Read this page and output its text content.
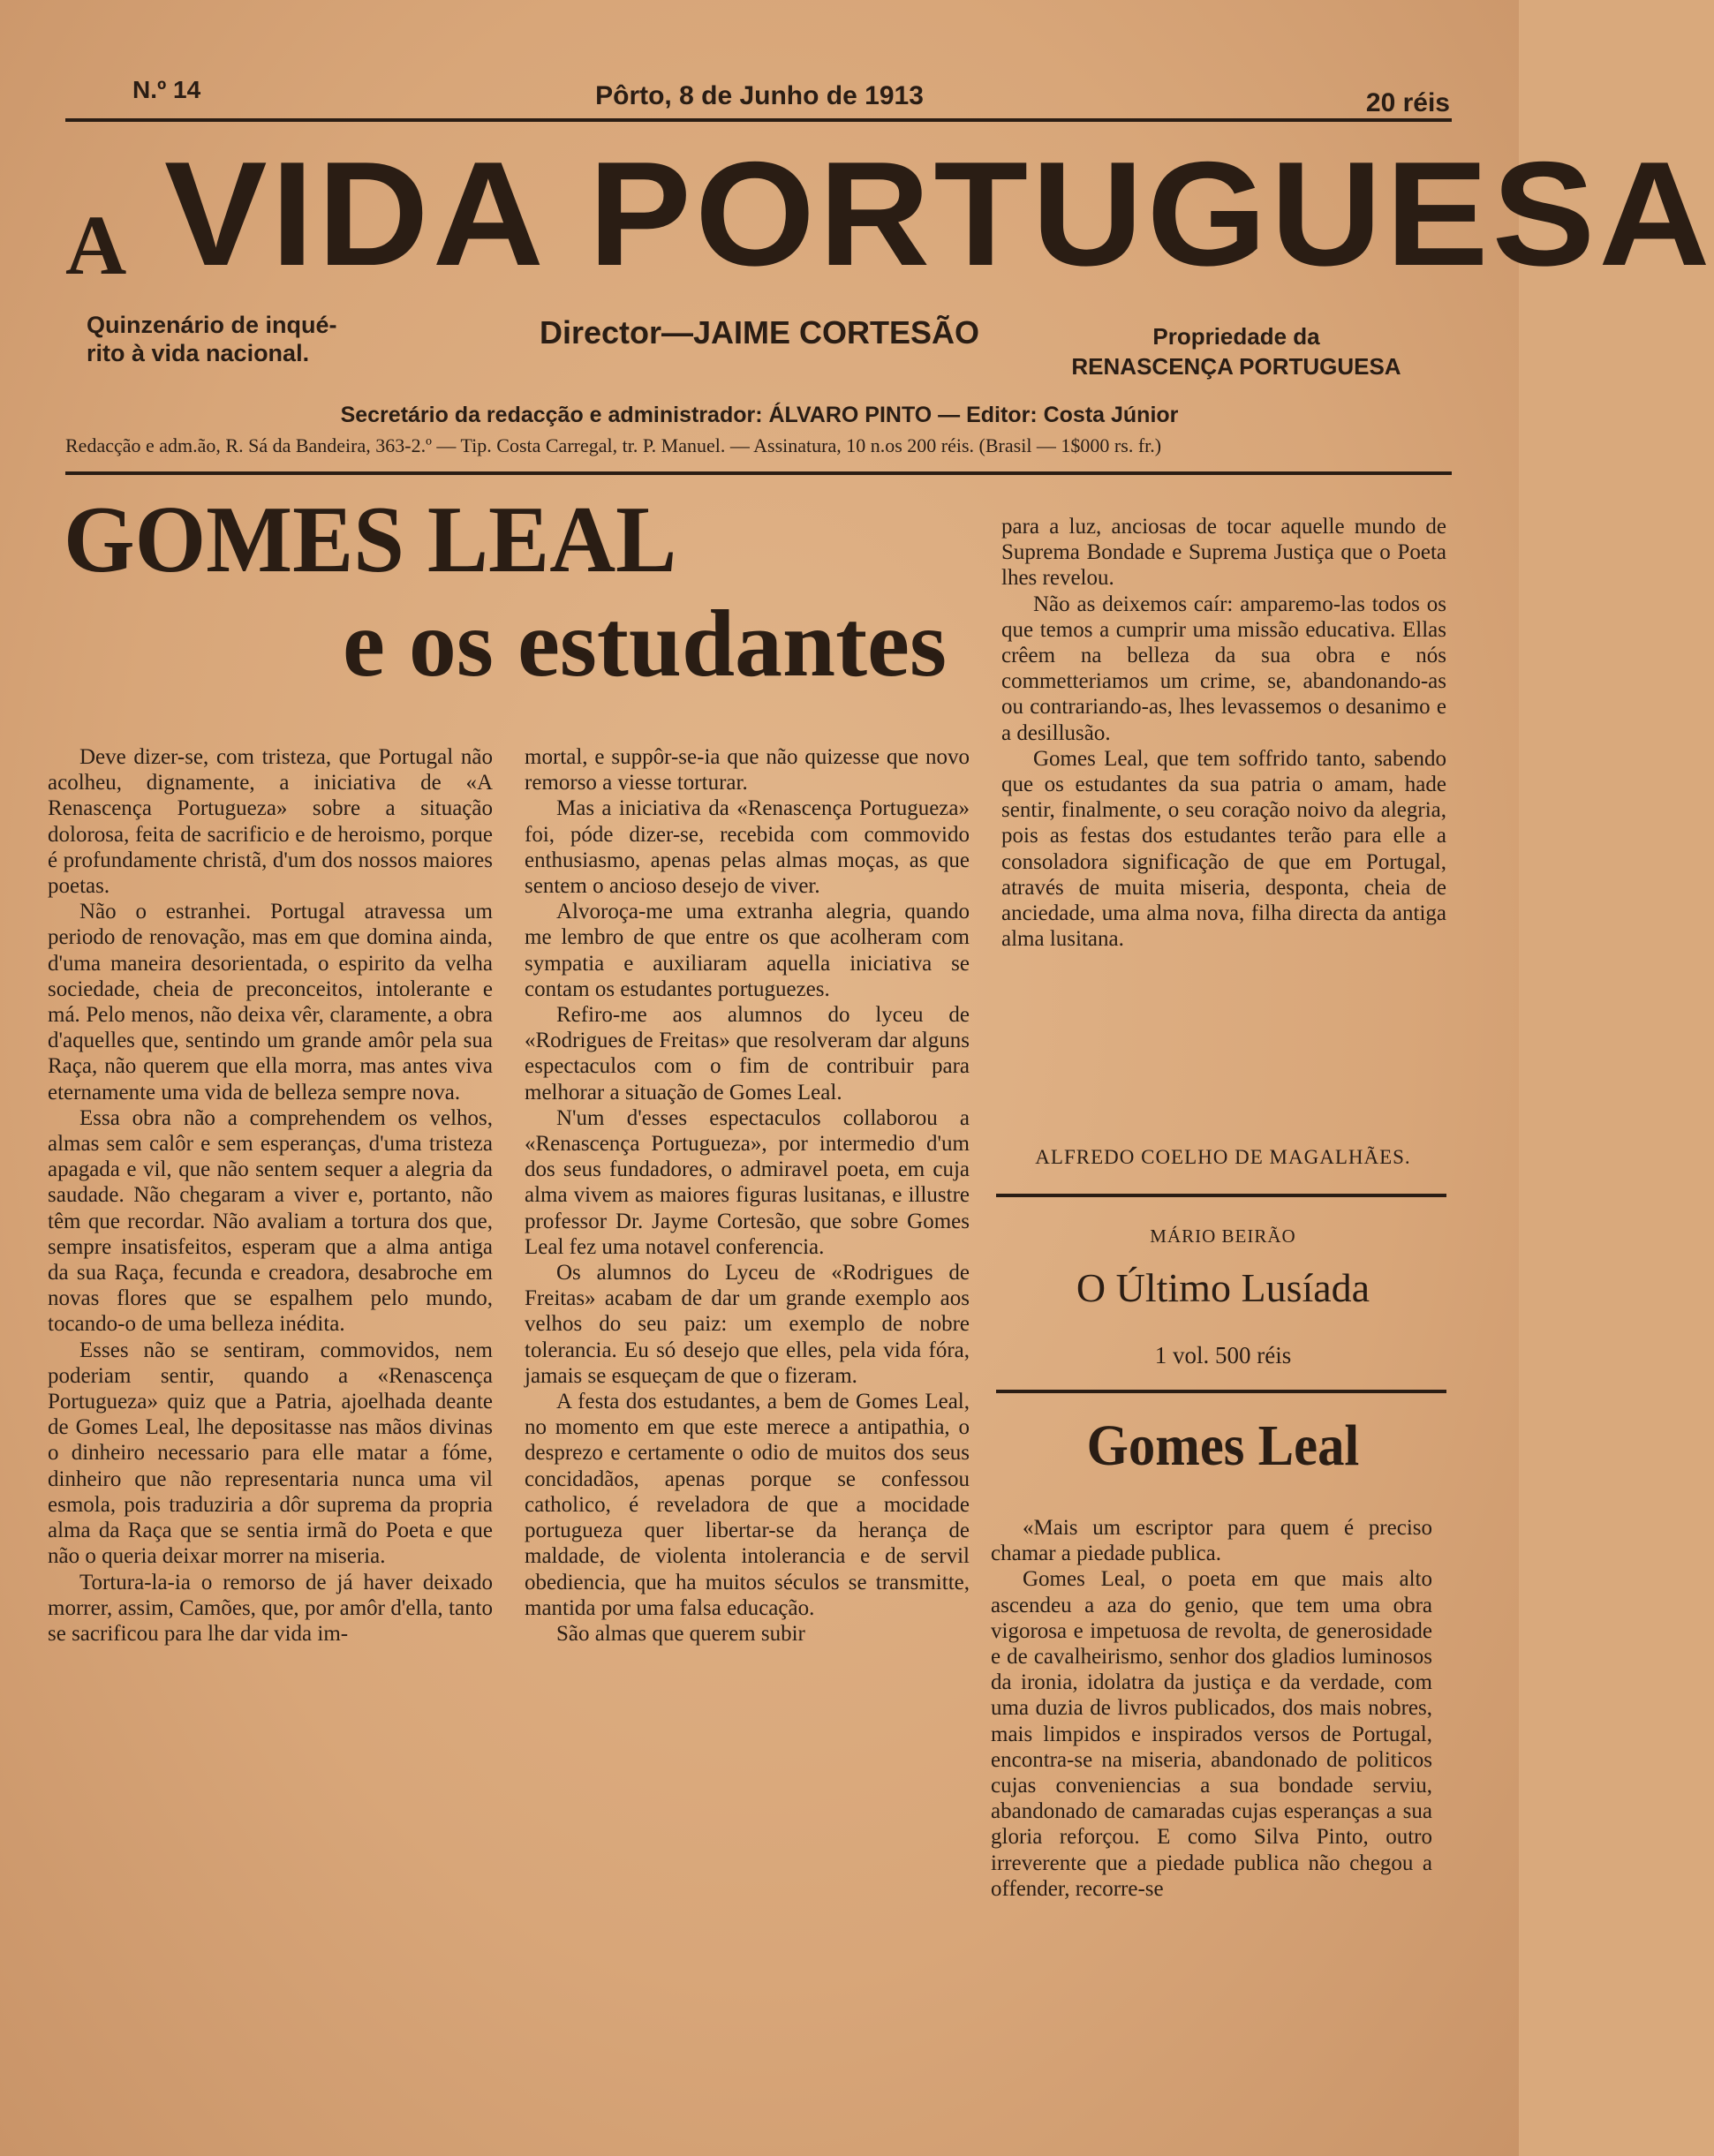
N.º 14	Pôrto, 8 de Junho de 1913	20 réis
A VIDA PORTUGUESA
Quinzenário de inqué-
rito à vida nacional.
Director—JAIME CORTESÃO	Propriedade da
RENASCENÇA PORTUGUESA
Secretário da redacção e administrador: ÁLVARO PINTO — Editor: Costa Júnior
Redacção e adm.ão, R. Sá da Bandeira, 363-2.º — Tip. Costa Carregal, tr. P. Manuel. — Assinatura, 10 n.os 200 réis. (Brasil — 1$000 rs. fr.)
GOMES LEAL
e os estudantes

Deve dizer-se, com tristeza, que Portugal não acolheu, dignamente, a iniciativa de «A Renascença Portugueza» sobre a situação dolorosa, feita de sacrificio e de heroismo, porque é profundamente christã, d'um dos nossos maiores poetas.

Não o estranhei. Portugal atravessa um periodo de renovação, mas em que domina ainda, d'uma maneira desorientada, o espirito da velha sociedade, cheia de preconceitos, intolerante e má. Pelo menos, não deixa vêr, claramente, a obra d'aquelles que, sentindo um grande amôr pela sua Raça, não querem que ella morra, mas antes viva eternamente uma vida de belleza sempre nova.

Essa obra não a comprehendem os velhos, almas sem calôr e sem esperanças, d'uma tristeza apagada e vil, que não sentem sequer a alegria da saudade. Não chegaram a viver e, portanto, não têm que recordar. Não avaliam a tortura dos que, sempre insatisfeitos, esperam que a alma antiga da sua Raça, fecunda e creadora, desabroche em novas flores que se espalhem pelo mundo, tocando-o de uma belleza inédita.

Esses não se sentiram, commovidos, nem poderiam sentir, quando a «Renascença Portugueza» quiz que a Patria, ajoelhada deante de Gomes Leal, lhe depositasse nas mãos divinas o dinheiro necessario para elle matar a fóme, dinheiro que não representaria nunca uma vil esmola, pois traduziria a dôr suprema da propria alma da Raça que se sentia irmã do Poeta e que não o queria deixar morrer na miseria.

Tortura-la-ia o remorso de já haver deixado morrer, assim, Camões, que, por amôr d'ella, tanto se sacrificou para lhe dar vida im-

mortal, e suppôr-se-ia que não quizesse que novo remorso a viesse torturar.

Mas a iniciativa da «Renascença Portugueza» foi, póde dizer-se, recebida com commovido enthusiasmo, apenas pelas almas moças, as que sentem o ancioso desejo de viver.

Alvoroça-me uma extranha alegria, quando me lembro de que entre os que acolheram com sympatia e auxiliaram aquella iniciativa se contam os estudantes portuguezes.

Refiro-me aos alumnos do lyceu de «Rodrigues de Freitas» que resolveram dar alguns espectaculos com o fim de contribuir para melhorar a situação de Gomes Leal.

N'um d'esses espectaculos collaborou a «Renascença Portugueza», por intermedio d'um dos seus fundadores, o admiravel poeta, em cuja alma vivem as maiores figuras lusitanas, e illustre professor Dr. Jayme Cortesão, que sobre Gomes Leal fez uma notavel conferencia.

Os alumnos do Lyceu de «Rodrigues de Freitas» acabam de dar um grande exemplo aos velhos do seu paiz: um exemplo de nobre tolerancia. Eu só desejo que elles, pela vida fóra, jamais se esqueçam de que o fizeram.

A festa dos estudantes, a bem de Gomes Leal, no momento em que este merece a antipathia, o desprezo e certamente o odio de muitos dos seus concidadãos, apenas porque se confessou catholico, é reveladora de que a mocidade portugueza quer libertar-se da herança de maldade, de violenta intolerancia e de servil obediencia, que ha muitos séculos se transmitte, mantida por uma falsa educação.

São almas que querem subir

para a luz, anciosas de tocar aquelle mundo de Suprema Bondade e Suprema Justiça que o Poeta lhes revelou.

Não as deixemos caír: amparemo-las todos os que temos a cumprir uma missão educativa. Ellas crêem na belleza da sua obra e nós commetteriamos um crime, se, abandonando-as ou contrariando-as, lhes levassemos o desanimo e a desillusão.

Gomes Leal, que tem soffrido tanto, sabendo que os estudantes da sua patria o amam, hade sentir, finalmente, o seu coração noivo da alegria, pois as festas dos estudantes terão para elle a consoladora significação de que em Portugal, através de muita miseria, desponta, cheia de anciedade, uma alma nova, filha directa da antiga alma lusitana.

ALFREDO COELHO DE MAGALHÃES.
MÁRIO BEIRÃO
O Último Lusíada
1 vol. 500 réis
Gomes Leal

«Mais um escriptor para quem é preciso chamar a piedade publica.

Gomes Leal, o poeta em que mais alto ascendeu a aza do genio, que tem uma obra vigorosa e impetuosa de revolta, de generosidade e de cavalheirismo, senhor dos gladios luminosos da ironia, idolatra da justiça e da verdade, com uma duzia de livros publicados, dos mais nobres, mais limpidos e inspirados versos de Portugal, encontra-se na miseria, abandonado de politicos cujas conveniencias a sua bondade serviu, abandonado de camaradas cujas esperanças a sua gloria reforçou. E como Silva Pinto, outro irreverente que a piedade publica não chegou a offender, recorre-se
